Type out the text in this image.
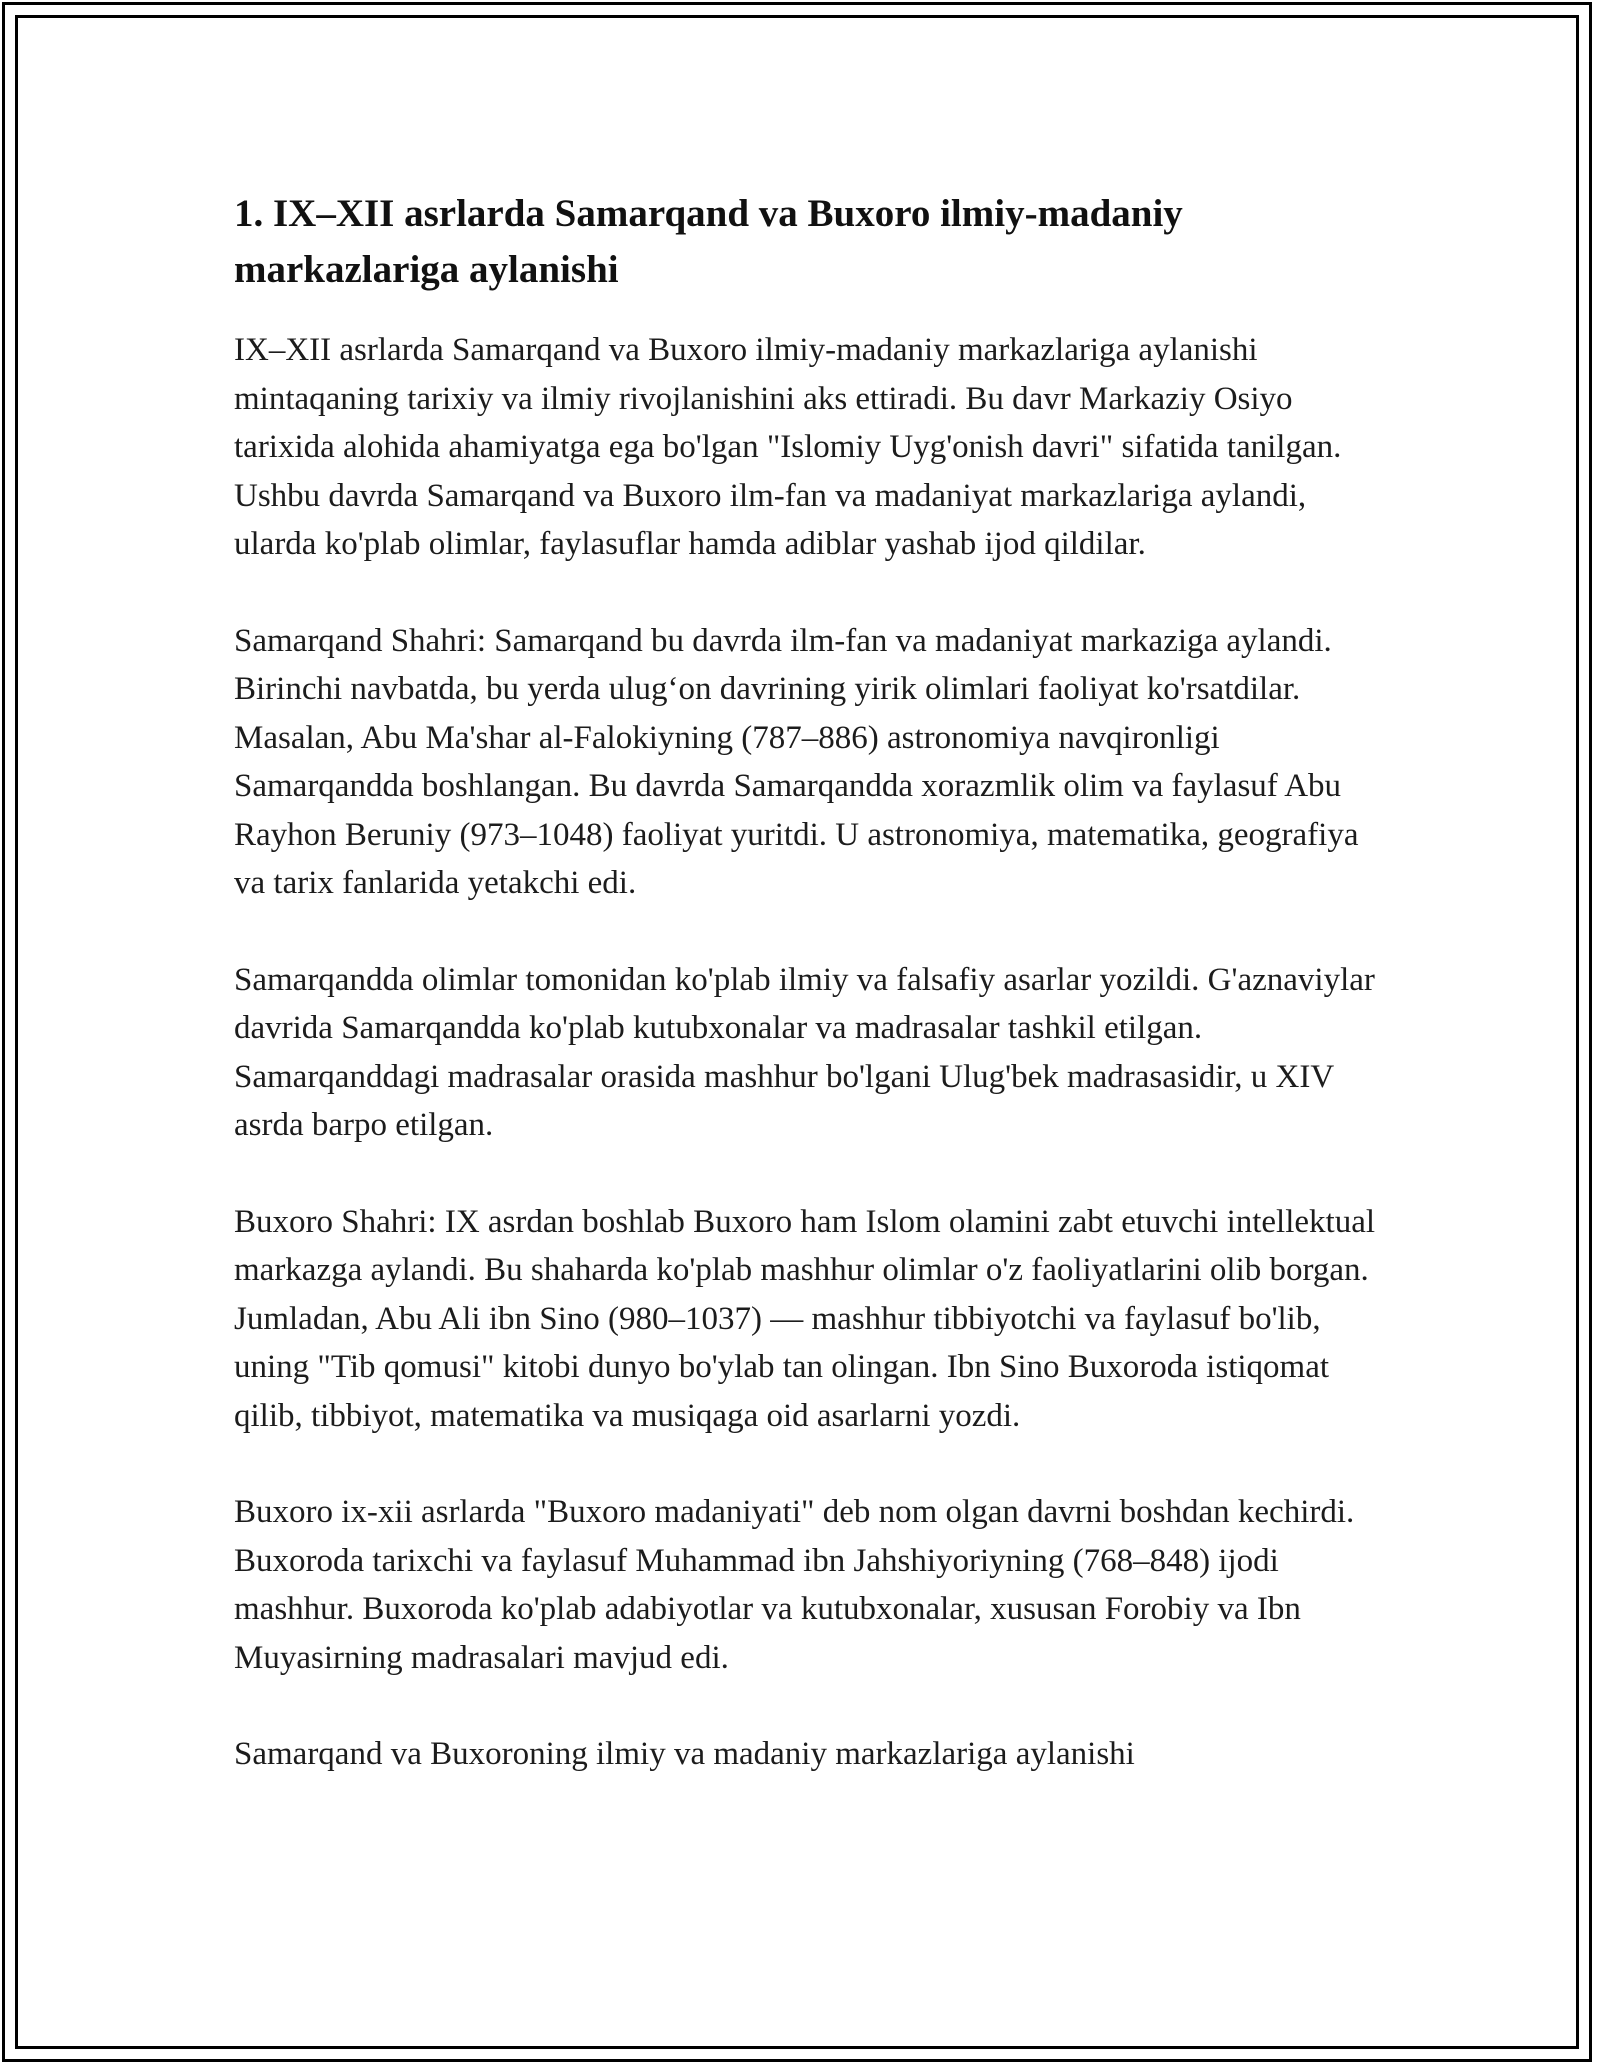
1. IX–XII asrlarda Samarqand va Buxoro ilmiy-madaniy markazlariga aylanishi

IX–XII asrlarda Samarqand va Buxoro ilmiy-madaniy markazlariga aylanishi mintaqaning tarixiy va ilmiy rivojlanishini aks ettiradi. Bu davr Markaziy Osiyo tarixida alohida ahamiyatga ega bo'lgan "Islomiy Uyg'onish davri" sifatida tanilgan. Ushbu davrda Samarqand va Buxoro ilm-fan va madaniyat markazlariga aylandi, ularda ko'plab olimlar, faylasuflar hamda adiblar yashab ijod qildilar.

Samarqand Shahri: Samarqand bu davrda ilm-fan va madaniyat markaziga aylandi. Birinchi navbatda, bu yerda ulug‘on davrining yirik olimlari faoliyat ko'rsatdilar. Masalan, Abu Ma'shar al-Falokiyning (787–886) astronomiya navqironligi Samarqandda boshlangan. Bu davrda Samarqandda xorazmlik olim va faylasuf Abu Rayhon Beruniy (973–1048) faoliyat yuritdi. U astronomiya, matematika, geografiya va tarix fanlarida yetakchi edi.

Samarqandda olimlar tomonidan ko'plab ilmiy va falsafiy asarlar yozildi. G'aznaviylar davrida Samarqandda ko'plab kutubxonalar va madrasalar tashkil etilgan. Samarqanddagi madrasalar orasida mashhur bo'lgani Ulug'bek madrasasidir, u XIV asrda barpo etilgan.

Buxoro Shahri: IX asrdan boshlab Buxoro ham Islom olamini zabt etuvchi intellektual markazga aylandi. Bu shaharda ko'plab mashhur olimlar o'z faoliyatlarini olib borgan. Jumladan, Abu Ali ibn Sino (980–1037) — mashhur tibbiyotchi va faylasuf bo'lib, uning "Tib qomusi" kitobi dunyo bo'ylab tan olingan. Ibn Sino Buxoroda istiqomat qilib, tibbiyot, matematika va musiqaga oid asarlarni yozdi.

Buxoro ix-xii asrlarda "Buxoro madaniyati" deb nom olgan davrni boshdan kechirdi. Buxoroda tarixchi va faylasuf Muhammad ibn Jahshiyoriyning (768–848) ijodi mashhur. Buxoroda ko'plab adabiyotlar va kutubxonalar, xususan Forobiy va Ibn Muyasirning madrasalari mavjud edi.

Samarqand va Buxoroning ilmiy va madaniy markazlariga aylanishi
